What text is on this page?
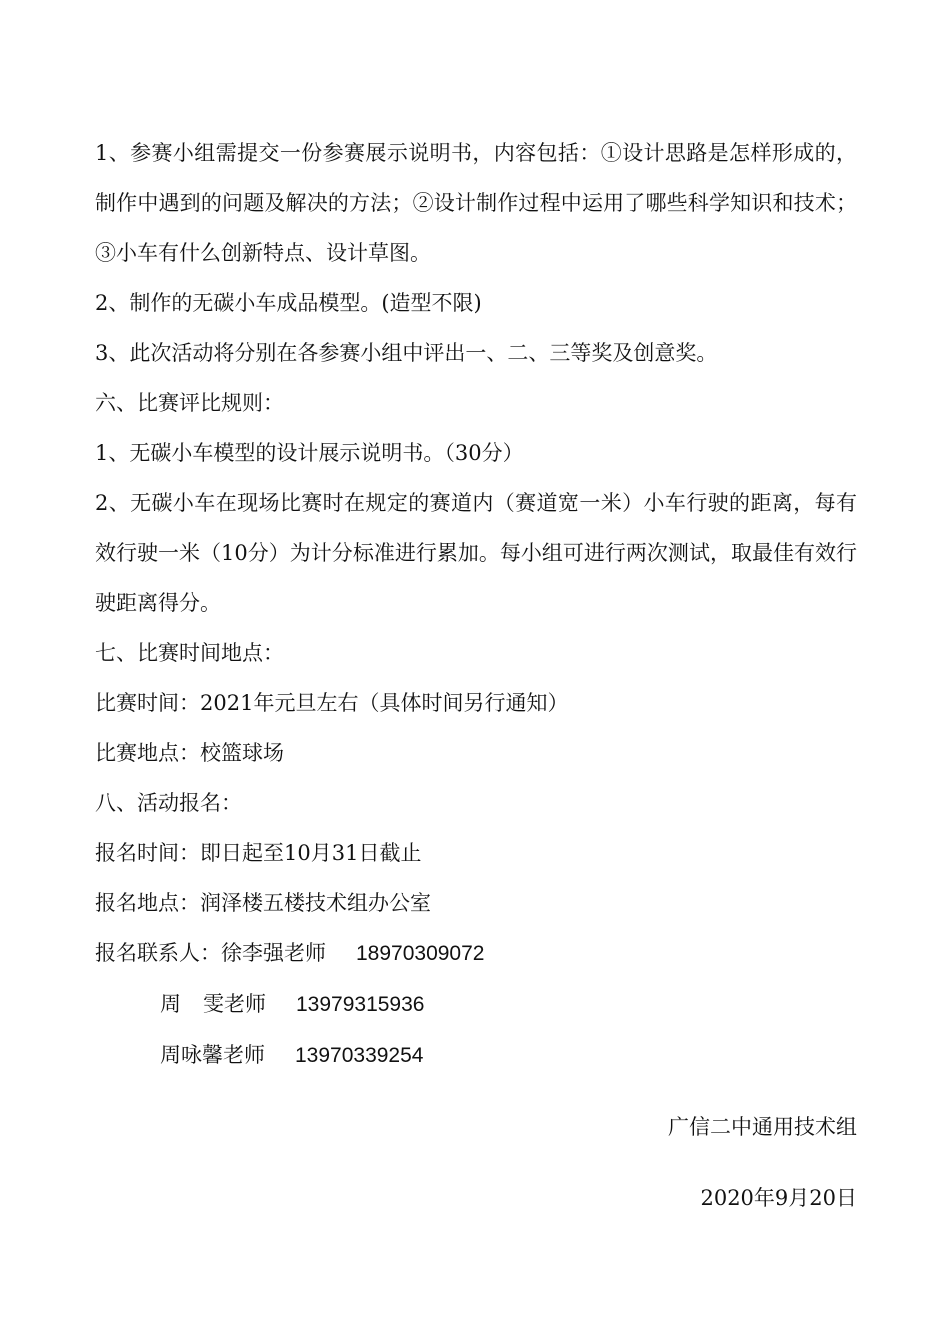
1、参赛小组需提交一份参赛展示说明书，内容包括：①设计思路是怎样形成的，制作中遇到的问题及解决的方法；②设计制作过程中运用了哪些科学知识和技术；③小车有什么创新特点、设计草图。

2、制作的无碳小车成品模型。(造型不限)

3、此次活动将分别在各参赛小组中评出一、二、三等奖及创意奖。

六、比赛评比规则：

1、无碳小车模型的设计展示说明书。（30分）

2、无碳小车在现场比赛时在规定的赛道内（赛道宽一米）小车行驶的距离，每有效行驶一米（10分）为计分标准进行累加。每小组可进行两次测试，取最佳有效行驶距离得分。

七、比赛时间地点：

比赛时间：2021年元旦左右（具体时间另行通知）

比赛地点：校篮球场

八、活动报名：

报名时间：即日起至10月31日截止

报名地点：润泽楼五楼技术组办公室

报名联系人：徐李强老师 18970309072

周 雯老师 13979315936

周咏馨老师 13970339254

广信二中通用技术组

2020年9月20日
